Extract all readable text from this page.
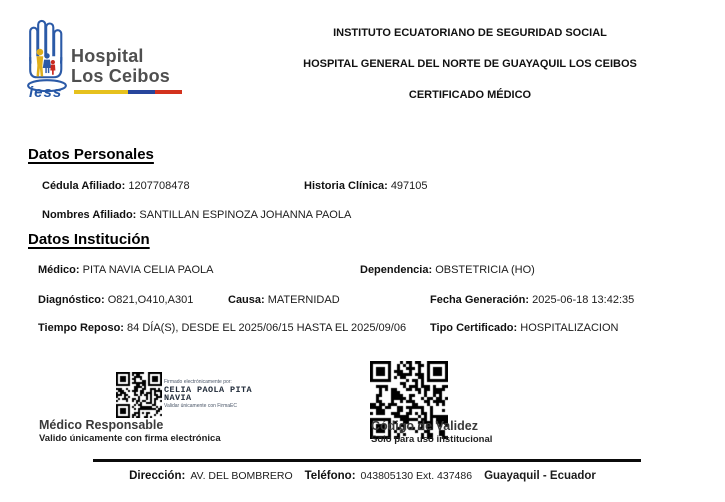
Hospital
Los Ceibos
iess
INSTITUTO ECUATORIANO DE SEGURIDAD SOCIAL
HOSPITAL GENERAL DEL NORTE DE GUAYAQUIL LOS CEIBOS
CERTIFICADO MÉDICO
Datos Personales
Cédula Afiliado: 1207708478	Historia Clínica: 497105
Nombres Afiliado: SANTILLAN ESPINOZA JOHANNA PAOLA
Datos Institución
Médico: PITA NAVIA CELIA PAOLA	Dependencia: OBSTETRICIA (HO)
Diagnóstico: O821,O410,A301	Causa: MATERNIDAD	Fecha Generación: 2025-06-18 13:42:35
Tiempo Reposo: 84 DÍA(S), DESDE EL 2025/06/15 HASTA EL 2025/09/06 Tipo Certificado: HOSPITALIZACION
Firmado electrónicamente por:
CELIA PAOLA PITA NAVIA
Validar únicamente con FirmaEC
Médico Responsable
Valido únicamente con firma electrónica
Código de Validez
Solo para uso institucional
Dirección: AV. DEL BOMBRERO Teléfono: 043805130 Ext. 437486 Guayaquil - Ecuador
